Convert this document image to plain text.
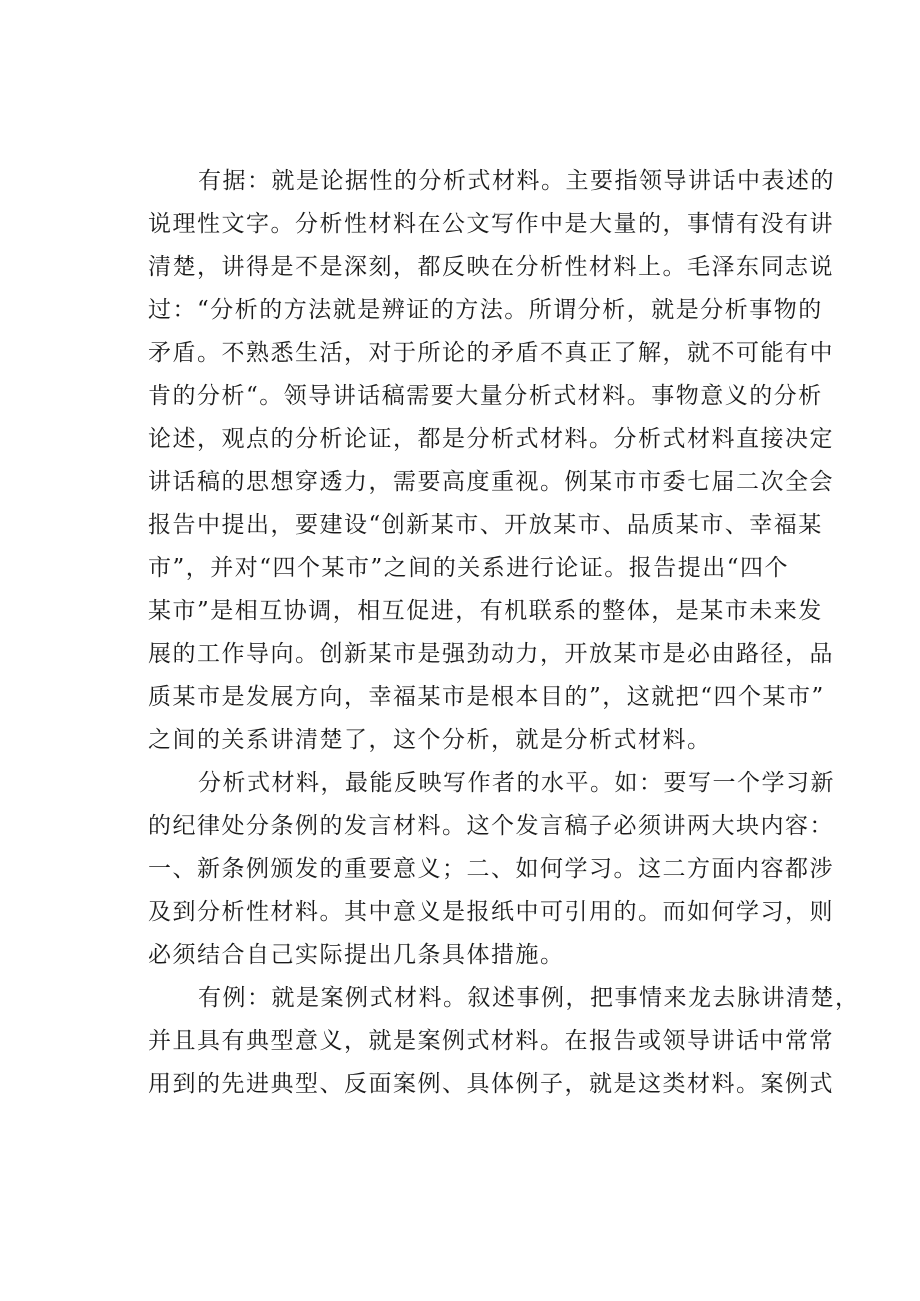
有据：就是论据性的分析式材料。主要指领导讲话中表述的
说理性文字。分析性材料在公文写作中是大量的，事情有没有讲
清楚，讲得是不是深刻，都反映在分析性材料上。毛泽东同志说
过：“分析的方法就是辨证的方法。所谓分析，就是分析事物的
矛盾。不熟悉生活，对于所论的矛盾不真正了解，就不可能有中
肯的分析“。领导讲话稿需要大量分析式材料。事物意义的分析
论述，观点的分析论证，都是分析式材料。分析式材料直接决定
讲话稿的思想穿透力，需要高度重视。例某市市委七届二次全会
报告中提出，要建设“创新某市、开放某市、品质某市、幸福某
市”，并对“四个某市”之间的关系进行论证。报告提出“四个
某市”是相互协调，相互促进，有机联系的整体，是某市未来发
展的工作导向。创新某市是强劲动力，开放某市是必由路径，品
质某市是发展方向，幸福某市是根本目的”，这就把“四个某市”
之间的关系讲清楚了，这个分析，就是分析式材料。
分析式材料，最能反映写作者的水平。如：要写一个学习新
的纪律处分条例的发言材料。这个发言稿子必须讲两大块内容：
一、新条例颁发的重要意义；二、如何学习。这二方面内容都涉
及到分析性材料。其中意义是报纸中可引用的。而如何学习，则
必须结合自己实际提出几条具体措施。
有例：就是案例式材料。叙述事例，把事情来龙去脉讲清楚，
并且具有典型意义，就是案例式材料。在报告或领导讲话中常常
用到的先进典型、反面案例、具体例子，就是这类材料。案例式
